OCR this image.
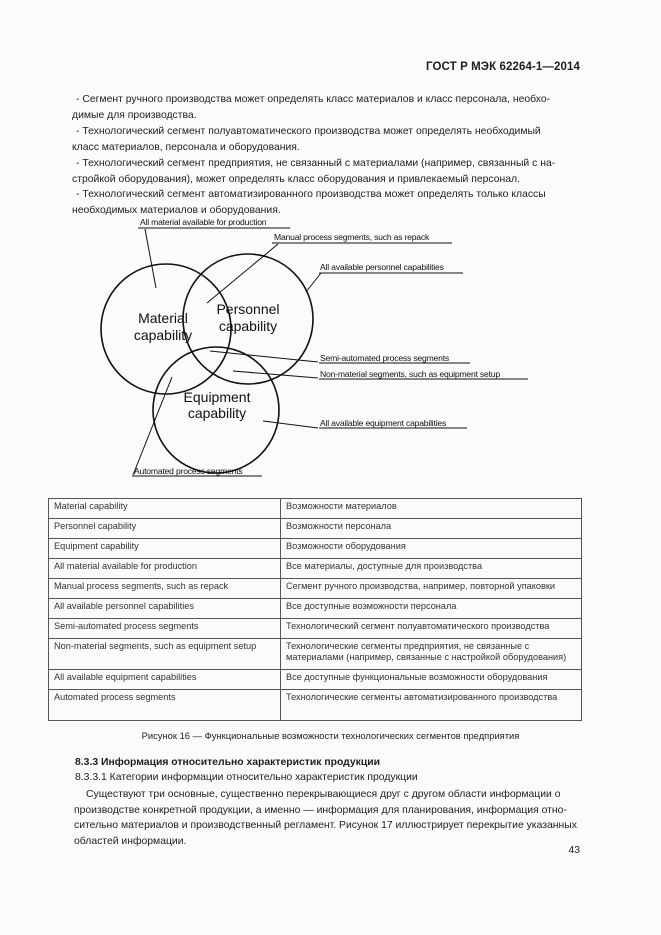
ГОСТ Р МЭК 62264-1—2014
- Сегмент ручного производства может определять класс материалов и класс персонала, необхо-
димые для производства.
- Технологический сегмент полуавтоматического производства может определять необходимый
класс материалов, персонала и оборудования.
- Технологический сегмент предприятия, не связанный с материалами (например, связанный с на-
стройкой оборудования), может определять класс оборудования и привлекаемый персонал.
- Технологический сегмент автоматизированного производства может определять только классы
необходимых материалов и оборудования.
Material
capability
Personnel
capability
Equipment
capability
All material available for production
Manual process segments, such as repack
All available personnel capabilities
Semi-automated process segments
Non-material segments, such as equipment setup
All available equipment capabilities
Automated process segments
Material capability	Возможности материалов
Personnel capability	Возможности персонала
Equipment capability	Возможности оборудования
All material available for production	Все материалы, доступные для производства
Manual process segments, such as repack	Сегмент ручного производства, например, повторной упаковки
All available personnel capabilities	Все доступные возможности персонала
Semi-automated process segments	Технологический сегмент полуавтоматического производства
Non-material segments, such as equipment setup	Технологические сегменты предприятия, не связанные с материалами (например, связанные с настройкой оборудования)
All available equipment capabilities	Все доступные функциональные возможности оборудования
Automated process segments	Технологические сегменты автоматизированного производства
Рисунок 16 — Функциональные возможности технологических сегментов предприятия
8.3.3 Информация относительно характеристик продукции
8.3.3.1 Категории информации относительно характеристик продукции
Существуют три основные, существенно перекрывающиеся друг с другом области информации о
производстве конкретной продукции, а именно — информация для планирования, информация отно-
сительно материалов и производственный регламент. Рисунок 17 иллюстрирует перекрытие указанных
областей информации.
43
